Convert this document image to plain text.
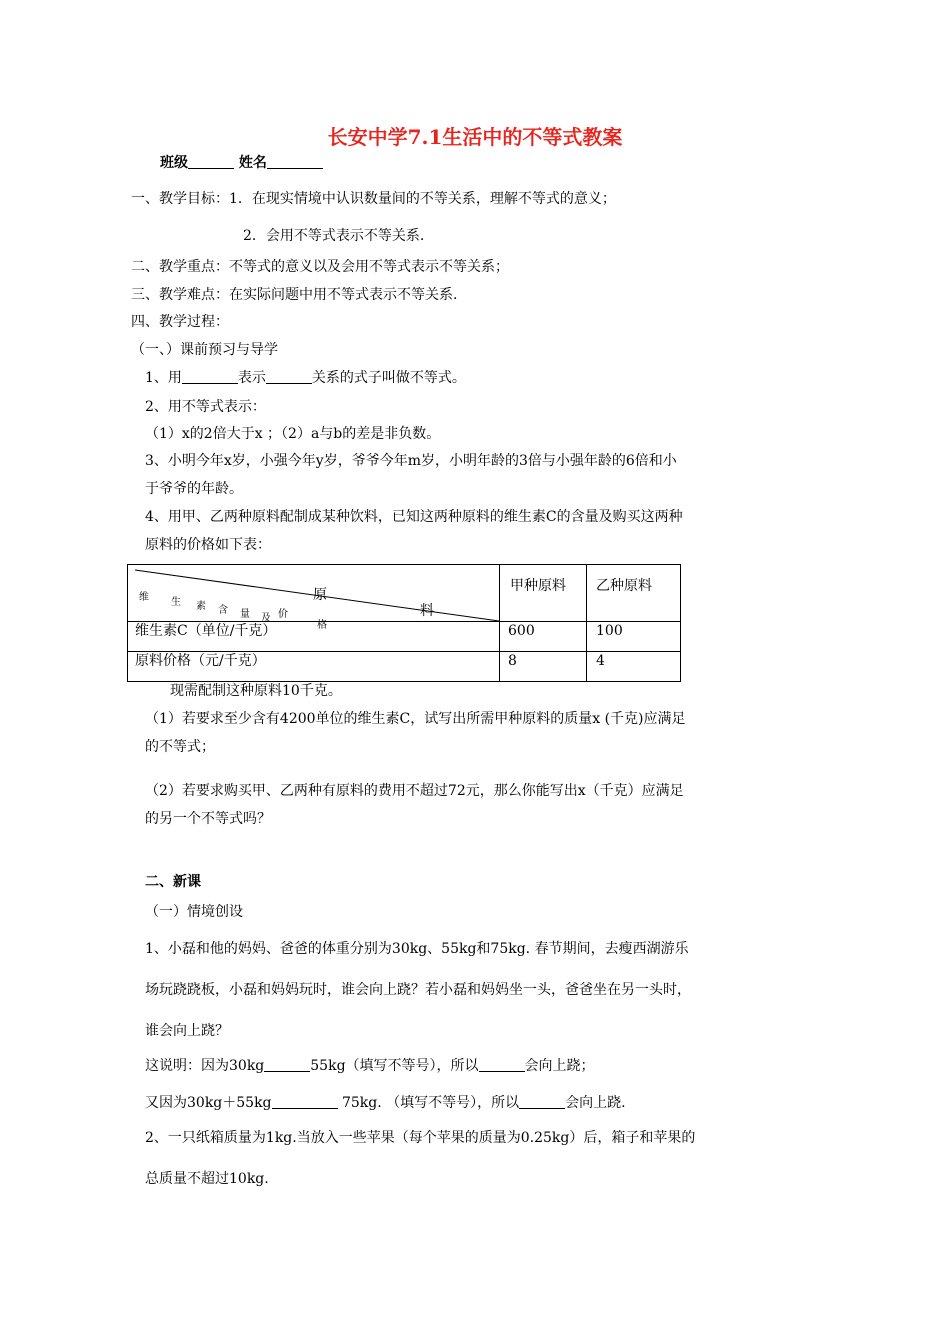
长安中学7.1生活中的不等式教案
班级	姓名
一、教学目标：1．在现实情境中认识数量间的不等关系，理解不等式的意义；
2．会用不等式表示不等关系.
二、教学重点：不等式的意义以及会用不等式表示不等关系；
三、教学难点：在实际问题中用不等式表示不等关系.
四、教学过程：
（一、）课前预习与导学
1、用	表示	关系的式子叫做不等式。
2、用不等式表示：
（1）x的2倍大于x ；（2）a与b的差是非负数。
3、小明今年x岁，小强今年y岁，爷爷今年m岁，小明年龄的3倍与小强年龄的6倍和小
于爷爷的年龄。
4、用甲、乙两种原料配制成某种饮料，已知这两种原料的维生素C的含量及购买这两种
原料的价格如下表：
原
料
维 生 素 含 量 及 价
格
甲种原料 乙种原料
维生素C（单位/千克）	600	100
原料价格（元/千克）	8	4
现需配制这种原料10千克。
（1）若要求至少含有4200单位的维生素C，试写出所需甲种原料的质量x (千克)应满足
的不等式；
（2）若要求购买甲、乙两种有原料的费用不超过72元，那么你能写出x（千克）应满足
的另一个不等式吗？
二、新课
（一）情境创设
1、小磊和他的妈妈、爸爸的体重分别为30kg、55kg和75kg. 春节期间，去瘦西湖游乐
场玩跷跷板，小磊和妈妈玩时，谁会向上跷？若小磊和妈妈坐一头，爸爸坐在另一头时，
谁会向上跷？
这说明：因为30kg	55kg（填写不等号），所以	会向上跷；
又因为30kg＋55kg	75kg. （填写不等号），所以	会向上跷.
2、一只纸箱质量为1kg.当放入一些苹果（每个苹果的质量为0.25kg）后，箱子和苹果的
总质量不超过10kg.
